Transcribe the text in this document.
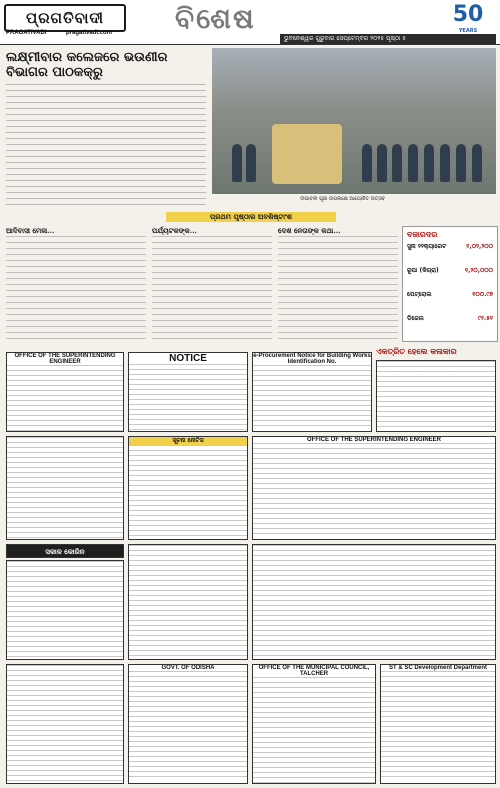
ପ୍ରଗତିବାଦୀ
PRAGATIVADI	pragativadi.com ବିଶେଷ	50
YEARS
ଭୁବନେଶ୍ୱର ଗୁରୁବାର ସେପ୍ଟେମ୍ବର ୨୦୨୫ ପୃଷ୍ଠା ୫
ଲକ୍ଷ୍ମୀବାର କଲେଜରେ ଭଉଣୀର ବିଭାଗର ପାଠକକ୍ରୁ
ଦୀପାବଳୀ ପୂଜା ଉପଲକ୍ଷେ ଆୟୋଜିତ ଉତ୍ସବ
ପ୍ରଥମ ପୃଷ୍ଠାର ଅବଶିଷ୍ଟାଂଶ
ଆଦିବାସୀ ମେଳା...	ପର୍ଯ୍ୟଟକଙ୍କ...	ଦେଶ ନେତାଙ୍କ କଥା...	ବଜାରଦର
ସୁନା ୨୨କ୍ୟାରେଟ	୧,୦୨,୨୦୦
ରୂପା (କିଗ୍ରା)	୧,୨୦,୦୦୦
ପେଟ୍ରୋଲ	୧୦୦.୯୭
ଡିଜେଲ	୯୨.୫୧
ଏକତ୍ରିତ ହେଲେ କଳାକାର
OFFICE OF THE SUPERINTENDING ENGINEER	NOTICE	e-Procurement Notice for Building Works Identification No.
ସୂଚନା ନୋଟିସ	OFFICE OF THE SUPERINTENDING ENGINEER
ସକାଳ କୋରିନ
GOVT. OF ODISHA	OFFICE OF THE MUNICIPAL COUNCIL, TALCHER
ST & SC Development Department
